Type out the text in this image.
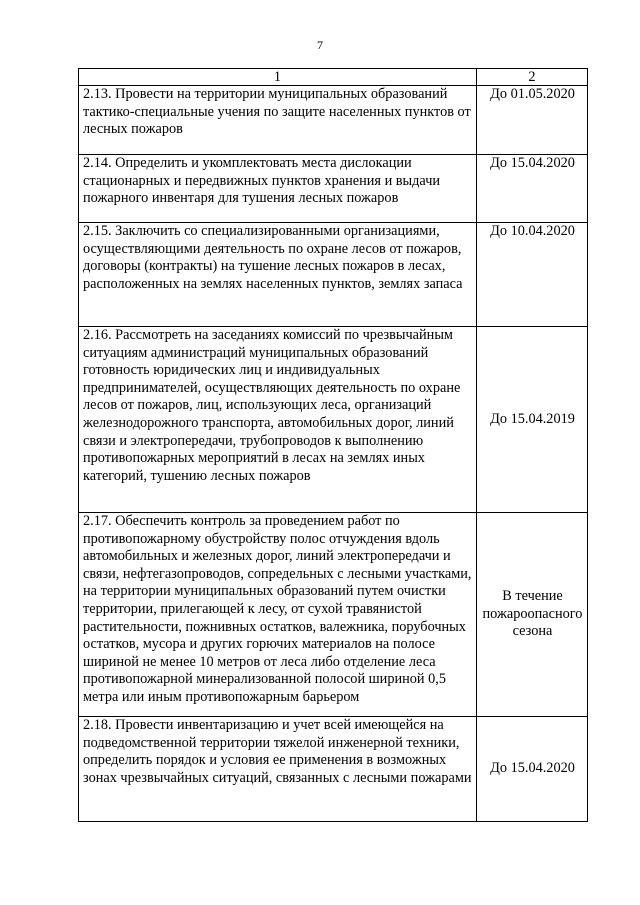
7
1	2
2.13. Провести на территории муниципальных образований тактико-специальные учения по защите населенных пунктов от лесных пожаров	До 01.05.2020
2.14. Определить и укомплектовать места дислокации стационарных и передвижных пунктов хранения и выдачи пожарного инвентаря для тушения лесных пожаров	До 15.04.2020
2.15. Заключить со специализированными организациями, осуществляющими деятельность по охране лесов от пожаров, договоры (контракты) на тушение лесных пожаров в лесах, расположенных на землях населенных пунктов, землях запаса	До 10.04.2020
2.16. Рассмотреть на заседаниях комиссий по чрезвычайным ситуациям администраций муниципальных образований готовность юридических лиц и индивидуальных предпринимателей, осуществляющих деятельность по охране лесов от пожаров, лиц, использующих леса, организаций железнодорожного транспорта, автомобильных дорог, линий связи и электропередачи, трубопроводов к выполнению противопожарных мероприятий в лесах на землях иных категорий, тушению лесных пожаров	До 15.04.2019
2.17. Обеспечить контроль за проведением работ по противопожарному обустройству полос отчуждения вдоль автомобильных и железных дорог, линий электропередачи и связи, нефтегазопроводов, сопредельных с лесными участками, на территории муниципальных образований путем очистки территории, прилегающей к лесу, от сухой травянистой растительности, пожнивных остатков, валежника, порубочных остатков, мусора и других горючих материалов на полосе шириной не менее 10 метров от леса либо отделение леса противопожарной минерализованной полосой шириной 0,5 метра или иным противопожарным барьером	В течение пожароопасного сезона
2.18. Провести инвентаризацию и учет всей имеющейся на подведомственной территории тяжелой инженерной техники, определить порядок и условия ее применения в возможных зонах чрезвычайных ситуаций, связанных с лесными пожарами	До 15.04.2020
